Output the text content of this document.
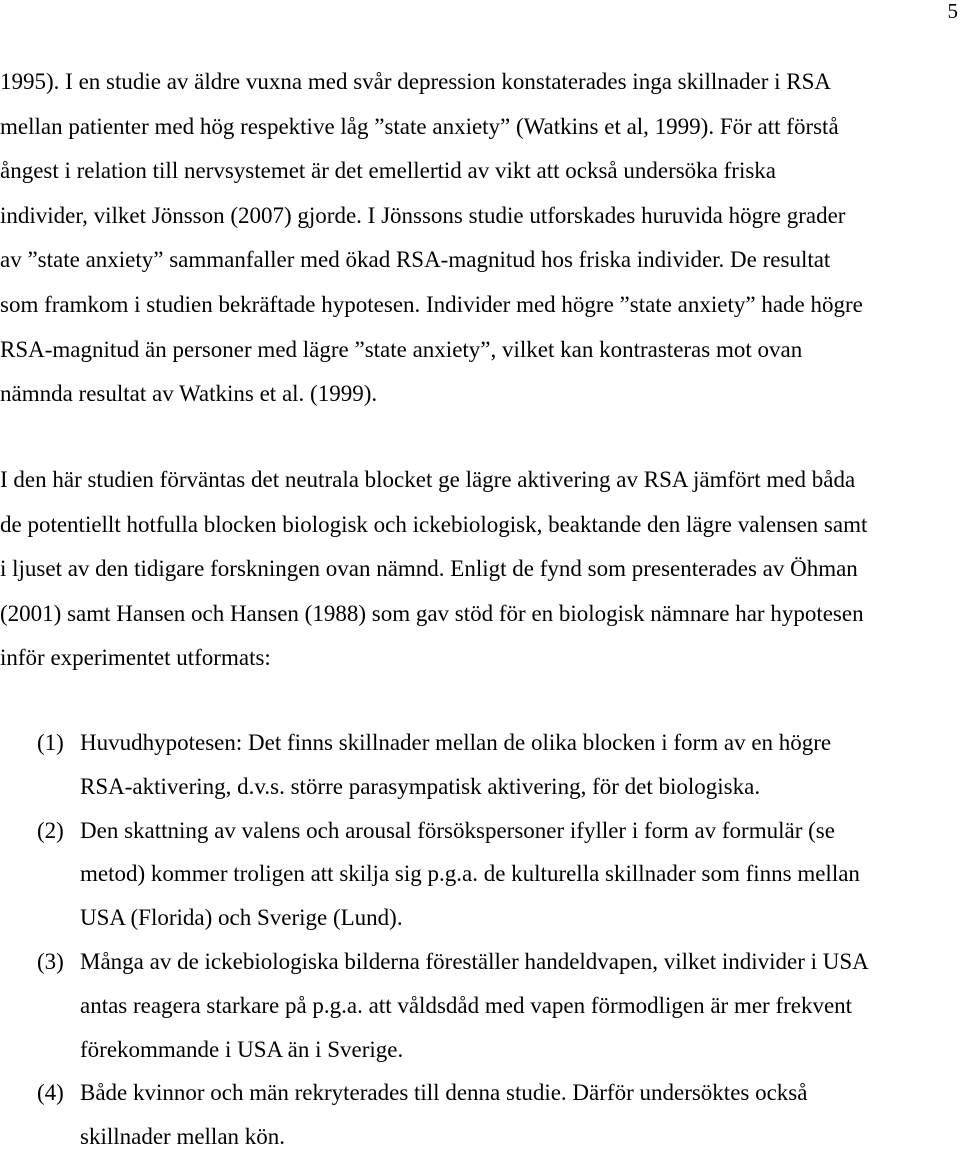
5
1995). I en studie av äldre vuxna med svår depression konstaterades inga skillnader i RSA
mellan patienter med hög respektive låg ”state anxiety” (Watkins et al, 1999). För att förstå
ångest i relation till nervsystemet är det emellertid av vikt att också undersöka friska
individer, vilket Jönsson (2007) gjorde. I Jönssons studie utforskades huruvida högre grader
av ”state anxiety” sammanfaller med ökad RSA-magnitud hos friska individer. De resultat
som framkom i studien bekräftade hypotesen. Individer med högre ”state anxiety” hade högre
RSA-magnitud än personer med lägre ”state anxiety”, vilket kan kontrasteras mot ovan
nämnda resultat av Watkins et al. (1999).
I den här studien förväntas det neutrala blocket ge lägre aktivering av RSA jämfört med båda
de potentiellt hotfulla blocken biologisk och ickebiologisk, beaktande den lägre valensen samt
i ljuset av den tidigare forskningen ovan nämnd. Enligt de fynd som presenterades av Öhman
(2001) samt Hansen och Hansen (1988) som gav stöd för en biologisk nämnare har hypotesen
inför experimentet utformats:
(1) Huvudhypotesen: Det finns skillnader mellan de olika blocken i form av en högre
RSA-aktivering, d.v.s. större parasympatisk aktivering, för det biologiska.
(2) Den skattning av valens och arousal försökspersoner ifyller i form av formulär (se
metod) kommer troligen att skilja sig p.g.a. de kulturella skillnader som finns mellan
USA (Florida) och Sverige (Lund).
(3) Många av de ickebiologiska bilderna föreställer handeldvapen, vilket individer i USA
antas reagera starkare på p.g.a. att våldsdåd med vapen förmodligen är mer frekvent
förekommande i USA än i Sverige.
(4) Både kvinnor och män rekryterades till denna studie. Därför undersöktes också
skillnader mellan kön.
